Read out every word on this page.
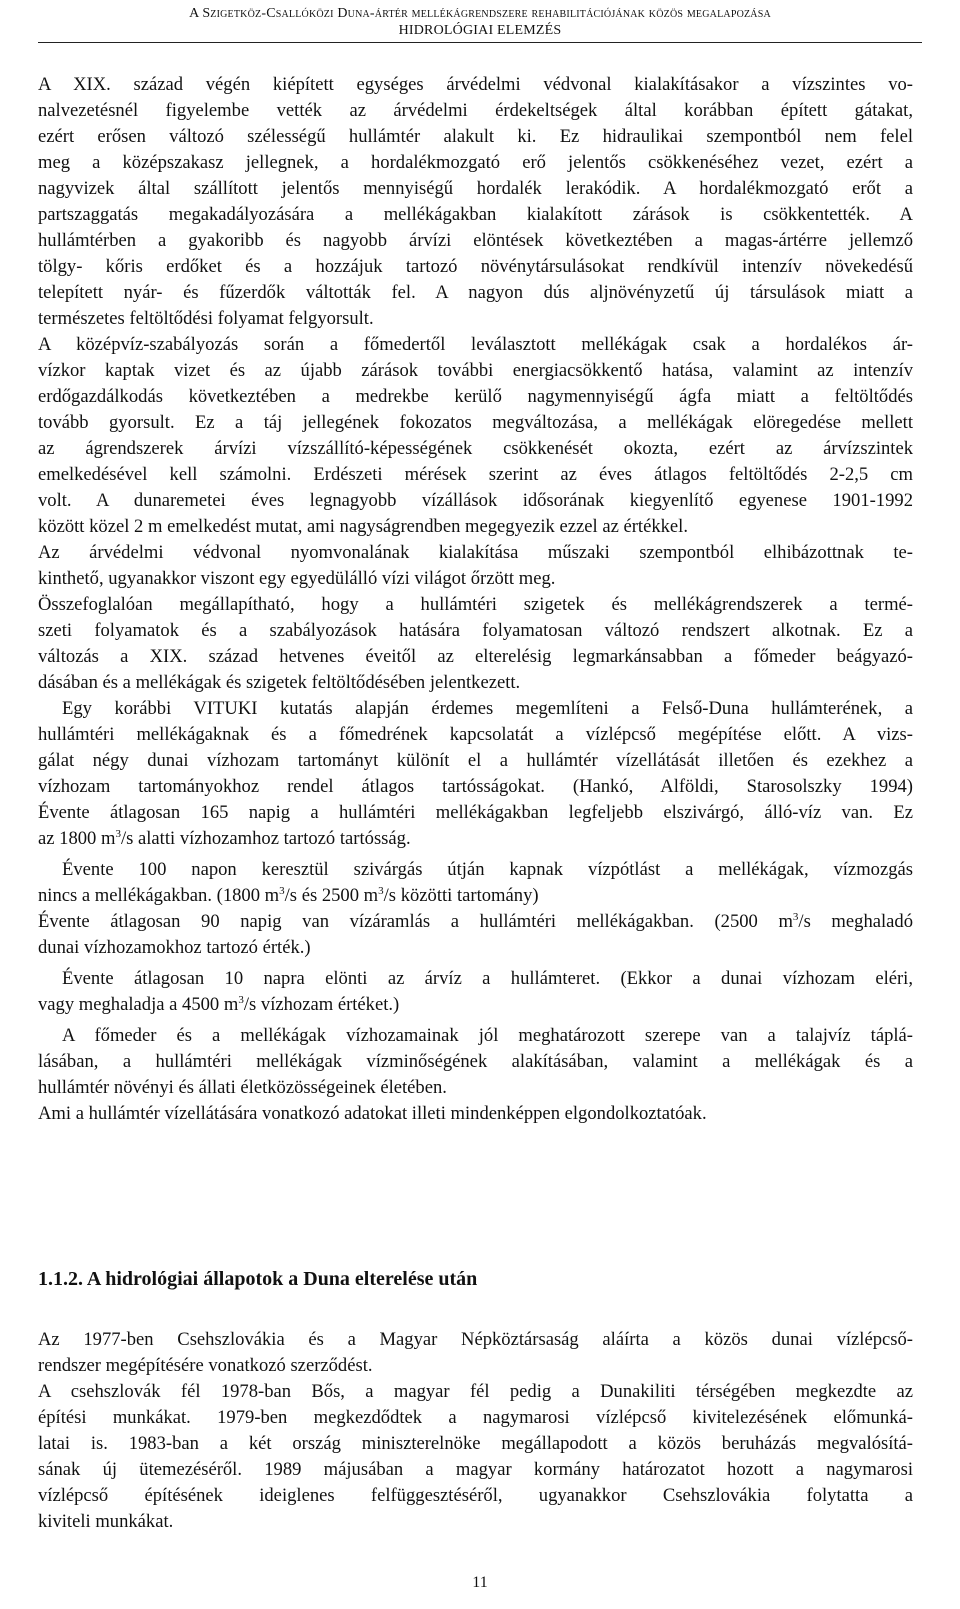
A Szigetköz-Csallóközi Duna-ártér mellékágrendszere rehabilitációjának közös megalapozása
HIDROLÓGIAI ELEMZÉS
A XIX. század végén kiépített egységes árvédelmi védvonal kialakításakor a vízszintes vo-
nalvezetésnél figyelembe vették az árvédelmi érdekeltségek által korábban épített gátakat,
ezért erősen változó szélességű hullámtér alakult ki. Ez hidraulikai szempontból nem felel
meg a középszakasz jellegnek, a hordalékmozgató erő jelentős csökkenéséhez vezet, ezért a
nagyvizek által szállított jelentős mennyiségű hordalék lerakódik. A hordalékmozgató erőt a
partszaggatás megakadályozására a mellékágakban kialakított zárások is csökkentették. A
hullámtérben a gyakoribb és nagyobb árvízi elöntések következtében a magas-ártérre jellemző
tölgy- kőris erdőket és a hozzájuk tartozó növénytársulásokat rendkívül intenzív növekedésű
telepített nyár- és fűzerdők váltották fel. A nagyon dús aljnövényzetű új társulások miatt a
természetes feltöltődési folyamat felgyorsult.
A középvíz-szabályozás során a főmedertől leválasztott mellékágak csak a hordalékos ár-
vízkor kaptak vizet és az újabb zárások további energiacsökkentő hatása, valamint az intenzív
erdőgazdálkodás következtében a medrekbe kerülő nagymennyiségű ágfa miatt a feltöltődés
tovább gyorsult. Ez a táj jellegének fokozatos megváltozása, a mellékágak elöregedése mellett
az ágrendszerek árvízi vízszállító-képességének csökkenését okozta, ezért az árvízszintek
emelkedésével kell számolni. Erdészeti mérések szerint az éves átlagos feltöltődés 2-2,5 cm
volt. A dunaremetei éves legnagyobb vízállások idősorának kiegyenlítő egyenese 1901-1992
között közel 2 m emelkedést mutat, ami nagyságrendben megegyezik ezzel az értékkel.
Az árvédelmi védvonal nyomvonalának kialakítása műszaki szempontból elhibázottnak te-
kinthető, ugyanakkor viszont egy egyedülálló vízi világot őrzött meg.
Összefoglalóan megállapítható, hogy a hullámtéri szigetek és mellékágrendszerek a termé-
szeti folyamatok és a szabályozások hatására folyamatosan változó rendszert alkotnak. Ez a
változás a XIX. század hetvenes éveitől az elterelésig legmarkánsabban a főmeder beágyazó-
dásában és a mellékágak és szigetek feltöltődésében jelentkezett.
Egy korábbi VITUKI kutatás alapján érdemes megemlíteni a Felső-Duna hullámterének, a
hullámtéri mellékágaknak és a főmedrének kapcsolatát a vízlépcső megépítése előtt. A vizs-
gálat négy dunai vízhozam tartományt különít el a hullámtér vízellátását illetően és ezekhez a
vízhozam tartományokhoz rendel átlagos tartósságokat. (Hankó, Alföldi, Starosolszky 1994)
Évente átlagosan 165 napig a hullámtéri mellékágakban legfeljebb elszivárgó, álló-víz van. Ez
az 1800 $m^3/s$ alatti vízhozamhoz tartozó tartósság.
Évente 100 napon keresztül szivárgás útján kapnak vízpótlást a mellékágak, vízmozgás
nincs a mellékágakban. (1800 $m^3/s$ és 2500 $m^3/s$ közötti tartomány)
Évente átlagosan 90 napig van vízáramlás a hullámtéri mellékágakban. (2500 $m^3/s$ meghaladó
dunai vízhozamokhoz tartozó érték.)
Évente átlagosan 10 napra elönti az árvíz a hullámteret. (Ekkor a dunai vízhozam eléri,
vagy meghaladja a 4500 $m^3/s$ vízhozam értéket.)
A főmeder és a mellékágak vízhozamainak jól meghatározott szerepe van a talajvíz táplá-
lásában, a hullámtéri mellékágak vízminőségének alakításában, valamint a mellékágak és a
hullámtér növényi és állati életközösségeinek életében.
Ami a hullámtér vízellátására vonatkozó adatokat illeti mindenképpen elgondolkoztatóak.
Az 1977-ben Csehszlovákia és a Magyar Népköztársaság aláírta a közös dunai vízlépcső-
rendszer megépítésére vonatkozó szerződést.
A csehszlovák fél 1978-ban Bős, a magyar fél pedig a Dunakiliti térségében megkezdte az
építési munkákat. 1979-ben megkezdődtek a nagymarosi vízlépcső kivitelezésének előmunká-
latai is. 1983-ban a két ország miniszterelnöke megállapodott a közös beruházás megvalósítá-
sának új ütemezéséről. 1989 májusában a magyar kormány határozatot hozott a nagymarosi
vízlépcső építésének ideiglenes felfüggesztéséről, ugyanakkor Csehszlovákia folytatta a
kiviteli munkákat.
1.1.2. A hidrológiai állapotok a Duna elterelése után
11
